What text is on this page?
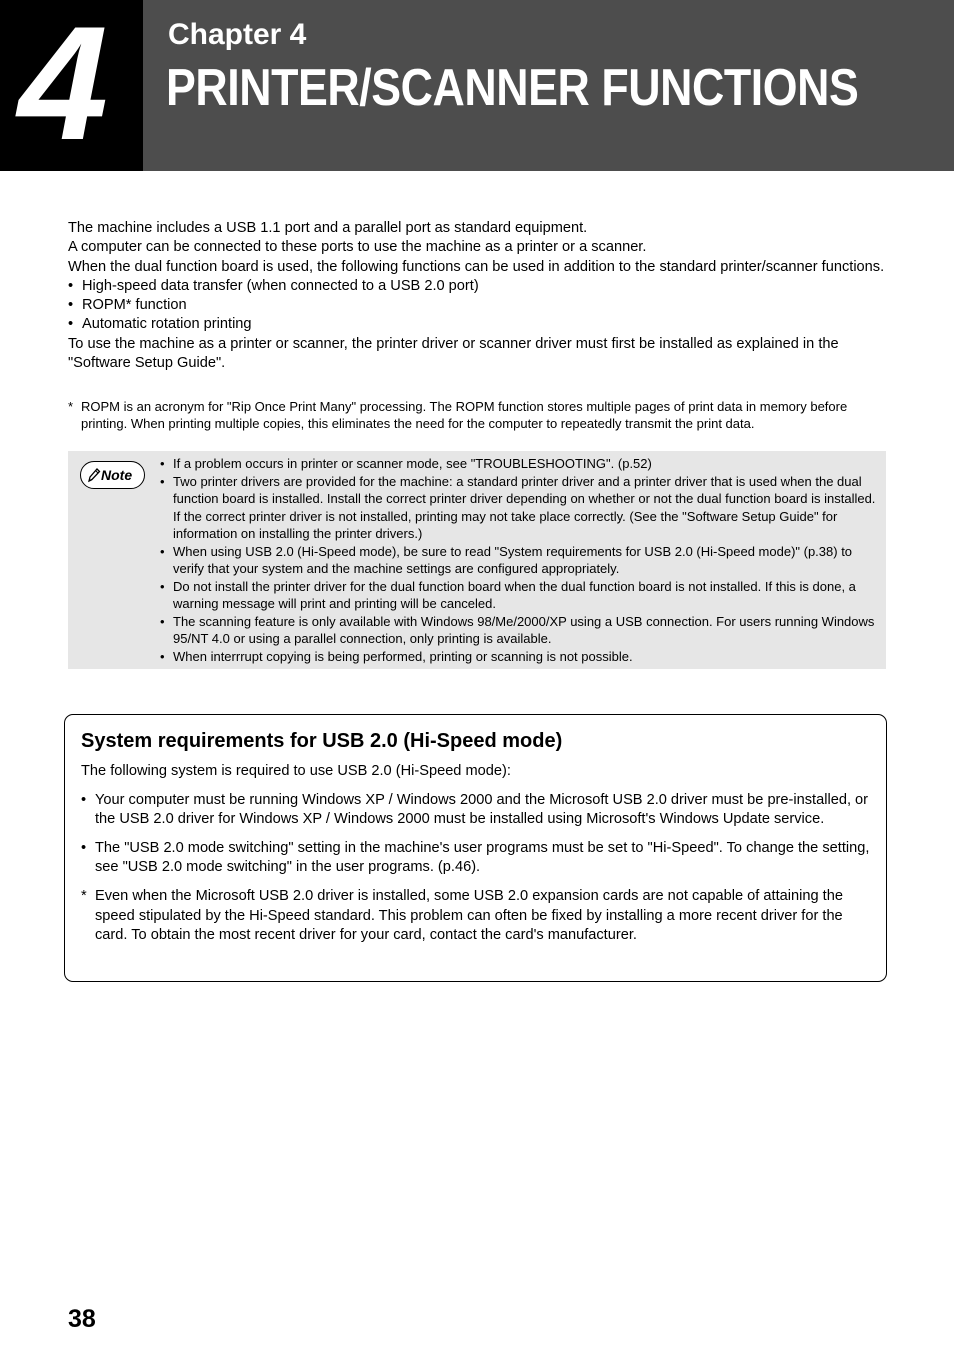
4	Chapter 4
PRINTER/SCANNER FUNCTIONS

The machine includes a USB 1.1 port and a parallel port as standard equipment.

A computer can be connected to these ports to use the machine as a printer or a scanner.

When the dual function board is used, the following functions can be used in addition to the standard printer/scanner functions.

• High-speed data transfer (when connected to a USB 2.0 port)
• ROPM* function
• Automatic rotation printing

To use the machine as a printer or scanner, the printer driver or scanner driver must first be installed as explained in the "Software Setup Guide".

* ROPM is an acronym for "Rip Once Print Many" processing. The ROPM function stores multiple pages of print data in memory before printing. When printing multiple copies, this eliminates the need for the computer to repeatedly transmit the print data.
Note
• If a problem occurs in printer or scanner mode, see "TROUBLESHOOTING". (p.52)
• Two printer drivers are provided for the machine: a standard printer driver and a printer driver that is used when the dual function board is installed. Install the correct printer driver depending on whether or not the dual function board is installed. If the correct printer driver is not installed, printing may not take place correctly. (See the "Software Setup Guide" for information on installing the printer drivers.)
• When using USB 2.0 (Hi-Speed mode), be sure to read "System requirements for USB 2.0 (Hi-Speed mode)" (p.38) to verify that your system and the machine settings are configured appropriately.
• Do not install the printer driver for the dual function board when the dual function board is not installed. If this is done, a warning message will print and printing will be canceled.
• The scanning feature is only available with Windows 98/Me/2000/XP using a USB connection. For users running Windows 95/NT 4.0 or using a parallel connection, only printing is available.
• When interrrupt copying is being performed, printing or scanning is not possible.
System requirements for USB 2.0 (Hi-Speed mode)
The following system is required to use USB 2.0 (Hi-Speed mode):
• Your computer must be running Windows XP / Windows 2000 and the Microsoft USB 2.0 driver must be pre-installed, or the USB 2.0 driver for Windows XP / Windows 2000 must be installed using Microsoft's Windows Update service.
• The "USB 2.0 mode switching" setting in the machine's user programs must be set to "Hi-Speed". To change the setting, see "USB 2.0 mode switching" in the user programs. (p.46).
* Even when the Microsoft USB 2.0 driver is installed, some USB 2.0 expansion cards are not capable of attaining the speed stipulated by the Hi-Speed standard. This problem can often be fixed by installing a more recent driver for the card. To obtain the most recent driver for your card, contact the card's manufacturer.
38
